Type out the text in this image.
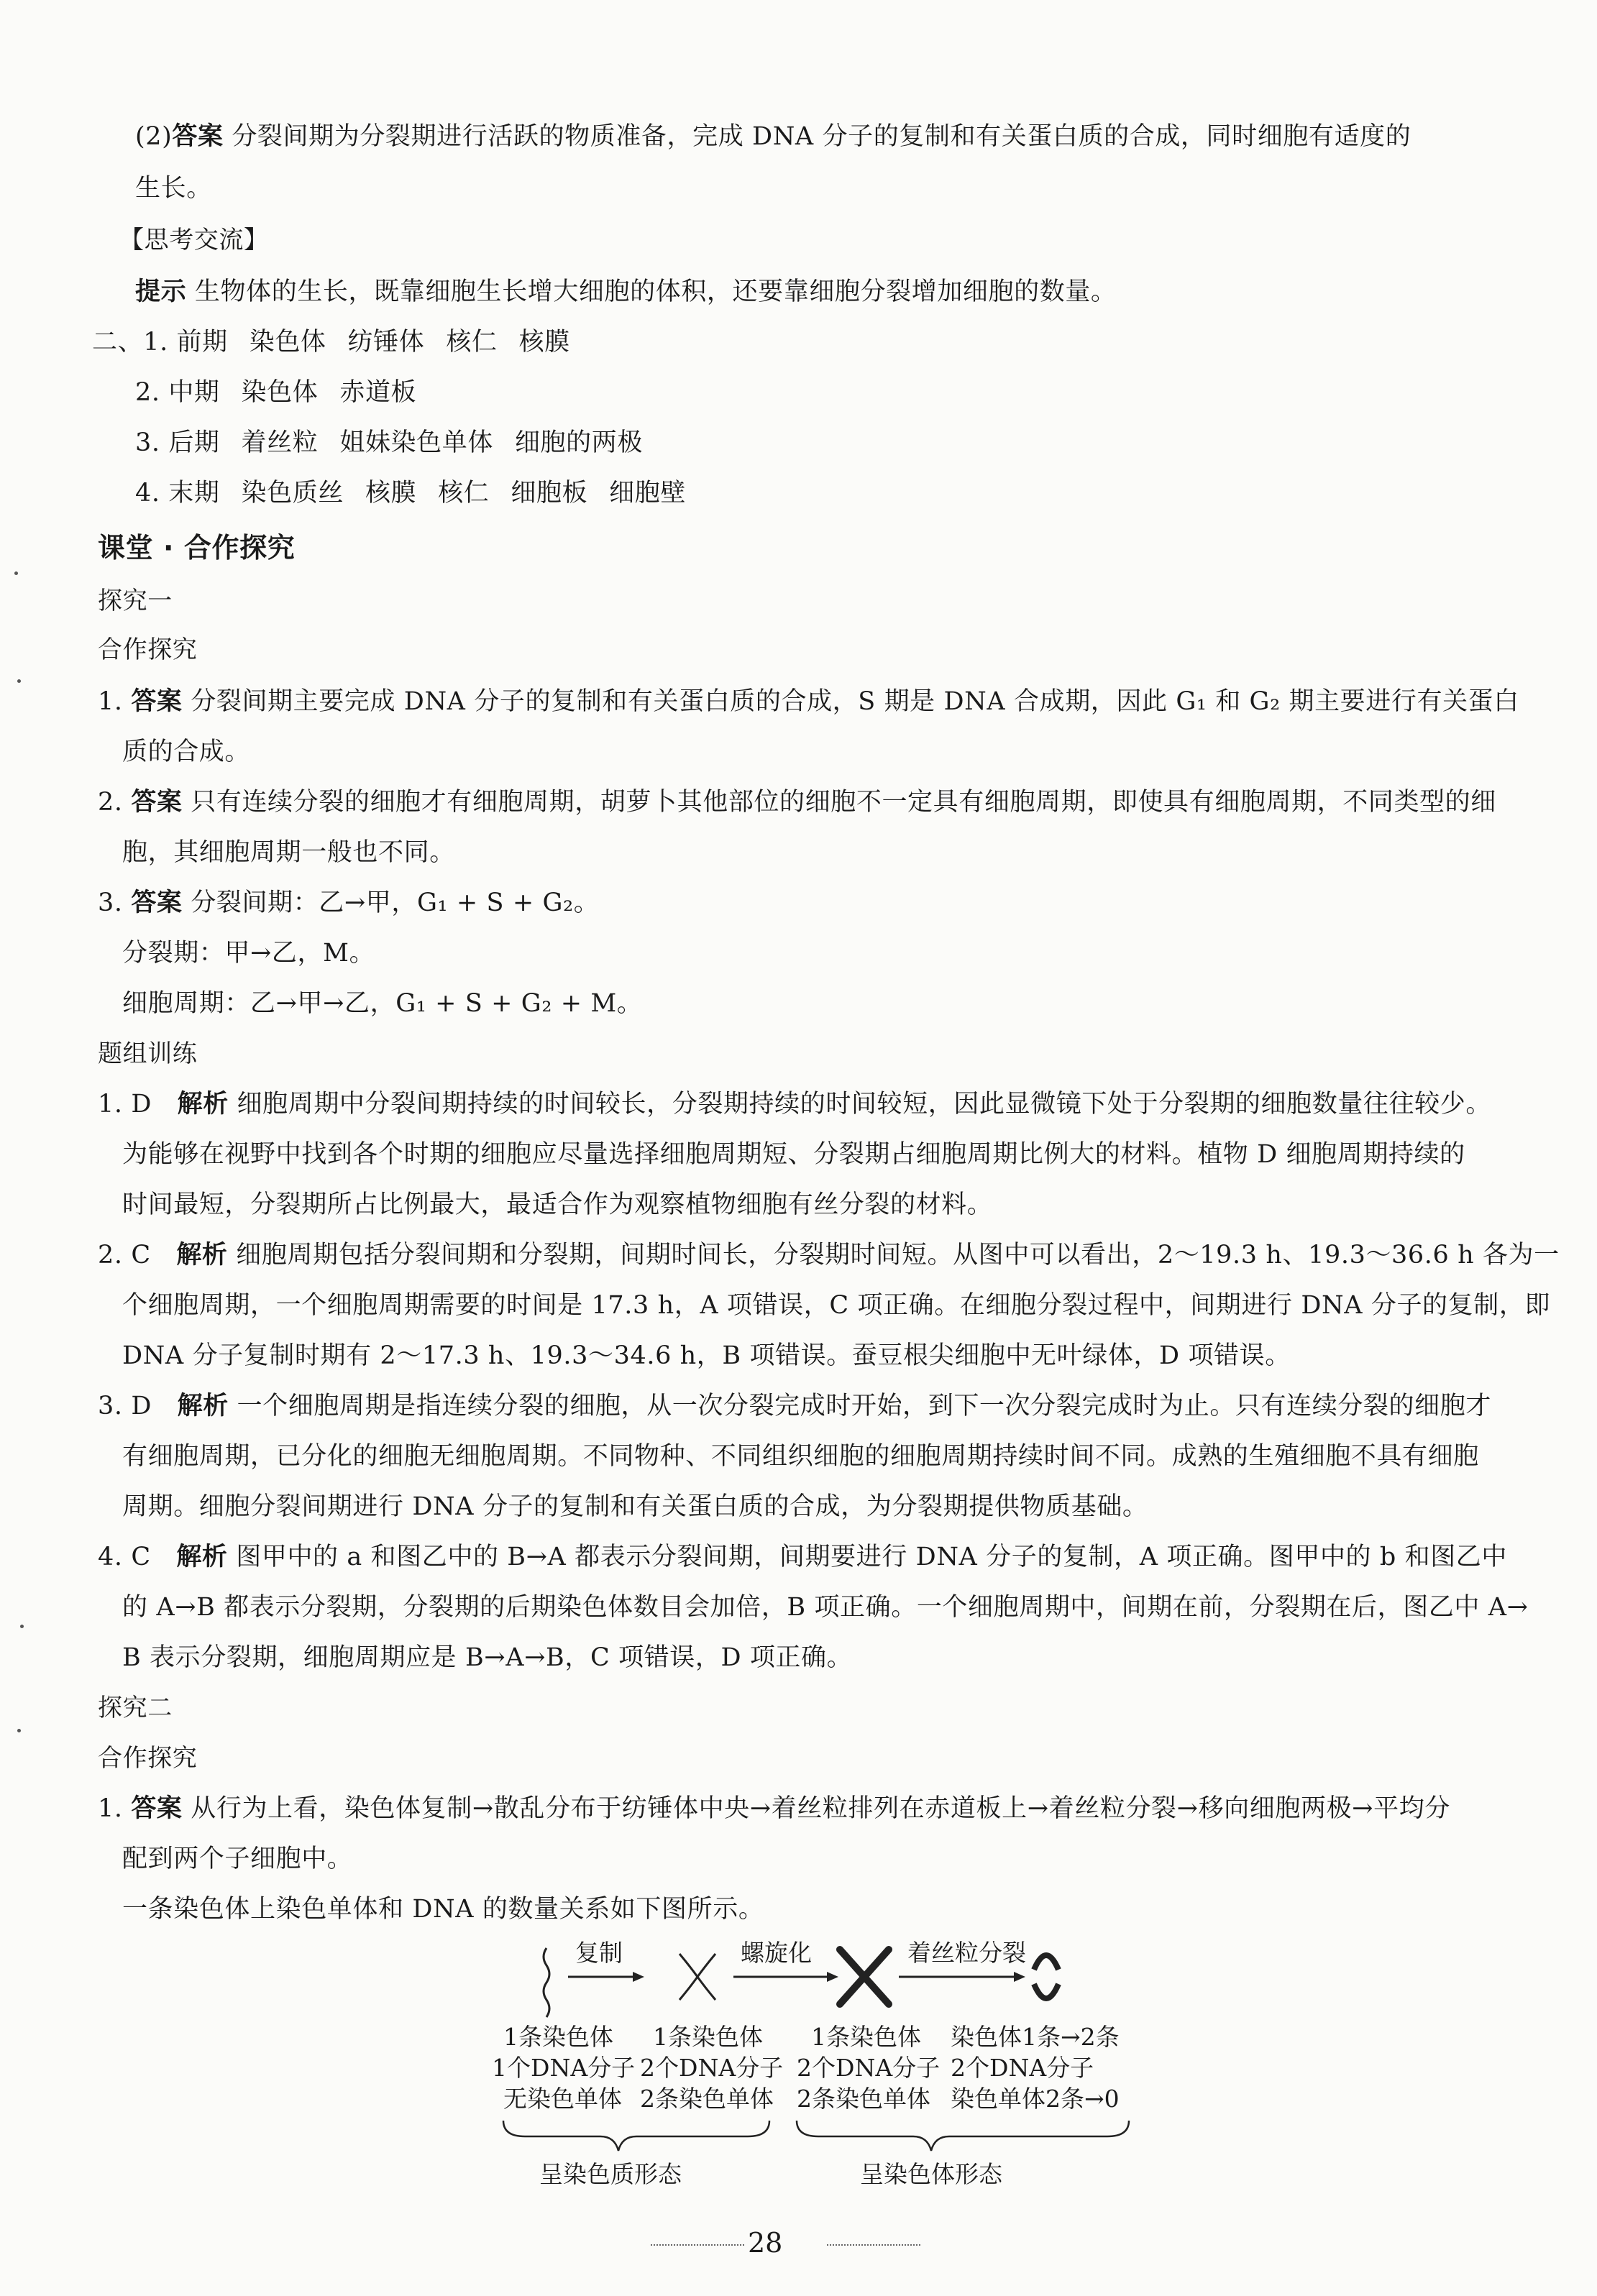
(2)答案 分裂间期为分裂期进行活跃的物质准备，完成 DNA 分子的复制和有关蛋白质的合成，同时细胞有适度的
生长。
【思考交流】
提示 生物体的生长，既靠细胞生长增大细胞的体积，还要靠细胞分裂增加细胞的数量。
二、1. 前期 染色体 纺锤体 核仁 核膜
2. 中期 染色体 赤道板
3. 后期 着丝粒 姐妹染色单体 细胞的两极
4. 末期 染色质丝 核膜 核仁 细胞板 细胞壁
课堂 · 合作探究
探究一
合作探究
1. 答案 分裂间期主要完成 DNA 分子的复制和有关蛋白质的合成，S 期是 DNA 合成期，因此 G₁ 和 G₂ 期主要进行有关蛋白
质的合成。
2. 答案 只有连续分裂的细胞才有细胞周期，胡萝卜其他部位的细胞不一定具有细胞周期，即使具有细胞周期，不同类型的细
胞，其细胞周期一般也不同。
3. 答案 分裂间期：乙→甲，G₁ + S + G₂。
分裂期：甲→乙，M。
细胞周期：乙→甲→乙，G₁ + S + G₂ + M。
题组训练
1. D　解析 细胞周期中分裂间期持续的时间较长，分裂期持续的时间较短，因此显微镜下处于分裂期的细胞数量往往较少。
为能够在视野中找到各个时期的细胞应尽量选择细胞周期短、分裂期占细胞周期比例大的材料。植物 D 细胞周期持续的
时间最短，分裂期所占比例最大，最适合作为观察植物细胞有丝分裂的材料。
2. C　解析 细胞周期包括分裂间期和分裂期，间期时间长，分裂期时间短。从图中可以看出，2～19.3 h、19.3～36.6 h 各为一
个细胞周期，一个细胞周期需要的时间是 17.3 h，A 项错误，C 项正确。在细胞分裂过程中，间期进行 DNA 分子的复制，即
DNA 分子复制时期有 2～17.3 h、19.3～34.6 h，B 项错误。蚕豆根尖细胞中无叶绿体，D 项错误。
3. D　解析 一个细胞周期是指连续分裂的细胞，从一次分裂完成时开始，到下一次分裂完成时为止。只有连续分裂的细胞才
有细胞周期，已分化的细胞无细胞周期。不同物种、不同组织细胞的细胞周期持续时间不同。成熟的生殖细胞不具有细胞
周期。细胞分裂间期进行 DNA 分子的复制和有关蛋白质的合成，为分裂期提供物质基础。
4. C　解析 图甲中的 a 和图乙中的 B→A 都表示分裂间期，间期要进行 DNA 分子的复制，A 项正确。图甲中的 b 和图乙中
的 A→B 都表示分裂期，分裂期的后期染色体数目会加倍，B 项正确。一个细胞周期中，间期在前，分裂期在后，图乙中 A→
B 表示分裂期，细胞周期应是 B→A→B，C 项错误，D 项正确。
探究二
合作探究
1. 答案 从行为上看，染色体复制→散乱分布于纺锤体中央→着丝粒排列在赤道板上→着丝粒分裂→移向细胞两极→平均分
配到两个子细胞中。
一条染色体上染色单体和 DNA 的数量关系如下图所示。
复制	螺旋化	着丝粒分裂
1条染色体
1个DNA分子
无染色单体
1条染色体
2个DNA分子
2条染色单体
1条染色体
2个DNA分子
2条染色单体
染色体1条→2条
2个DNA分子
染色单体2条→0
呈染色质形态	呈染色体形态
28
